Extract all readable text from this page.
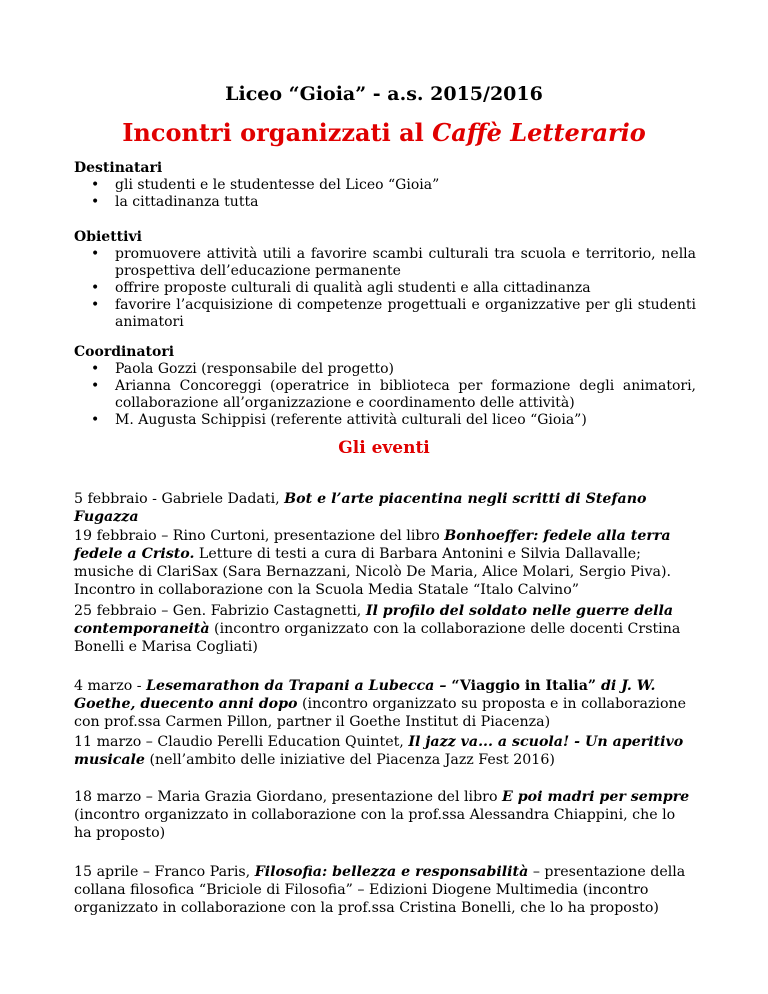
Liceo “Gioia” - a.s. 2015/2016
Incontri organizzati al Caffè Letterario
Destinatari
• gli studenti e le studentesse del Liceo “Gioia”
• la cittadinanza tutta
Obiettivi
• promuovere attività utili a favorire scambi culturali tra scuola e territorio, nella prospettiva dell’educazione permanente
• offrire proposte culturali di qualità agli studenti e alla cittadinanza
• favorire l’acquisizione di competenze progettuali e organizzative per gli studenti animatori
Coordinatori
• Paola Gozzi (responsabile del progetto)
• Arianna Concoreggi (operatrice in biblioteca per formazione degli animatori, collaborazione all’organizzazione e coordinamento delle attività)
• M. Augusta Schippisi (referente attività culturali del liceo “Gioia”)
Gli eventi
5 febbraio - Gabriele Dadati, Bot e l’arte piacentina negli scritti di Stefano Fugazza
19 febbraio – Rino Curtoni, presentazione del libro Bonhoeffer: fedele alla terra fedele a Cristo. Letture di testi a cura di Barbara Antonini e Silvia Dallavalle; musiche di ClariSax (Sara Bernazzani, Nicolò De Maria, Alice Molari, Sergio Piva). Incontro in collaborazione con la Scuola Media Statale “Italo Calvino”
25 febbraio – Gen. Fabrizio Castagnetti, Il profilo del soldato nelle guerre della contemporaneità (incontro organizzato con la collaborazione delle docenti Crstina Bonelli e Marisa Cogliati)
4 marzo - Lesemarathon da Trapani a Lubecca – “Viaggio in Italia” di J. W. Goethe, duecento anni dopo (incontro organizzato su proposta e in collaborazione con prof.ssa Carmen Pillon, partner il Goethe Institut di Piacenza)
11 marzo – Claudio Perelli Education Quintet, Il jazz va... a scuola! - Un aperitivo musicale (nell’ambito delle iniziative del Piacenza Jazz Fest 2016)
18 marzo – Maria Grazia Giordano, presentazione del libro E poi madri per sempre (incontro organizzato in collaborazione con la prof.ssa Alessandra Chiappini, che lo ha proposto)
15 aprile – Franco Paris, Filosofia: bellezza e responsabilità – presentazione della collana filosofica “Briciole di Filosofia” – Edizioni Diogene Multimedia (incontro organizzato in collaborazione con la prof.ssa Cristina Bonelli, che lo ha proposto)
